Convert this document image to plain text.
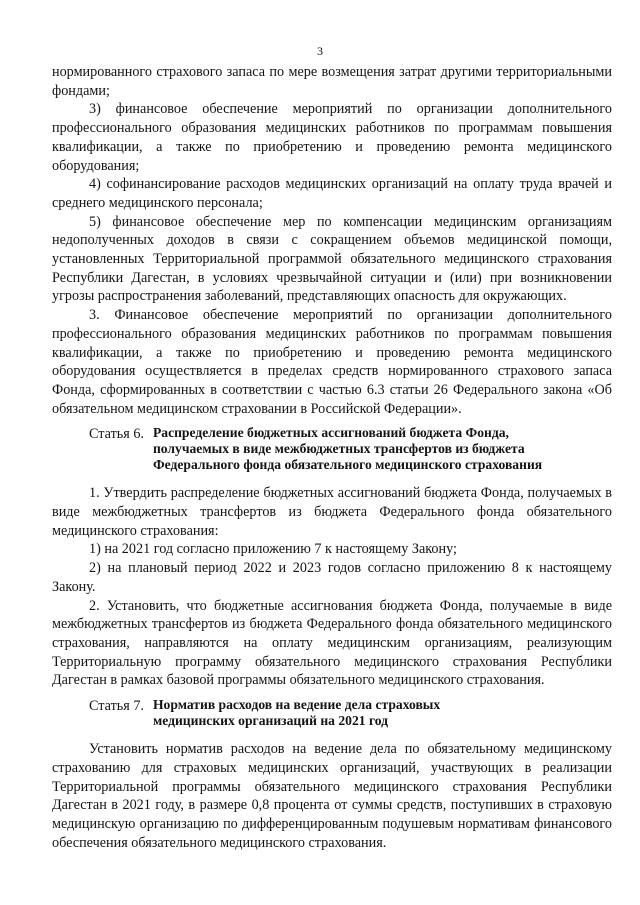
3

нормированного страхового запаса по мере возмещения затрат другими территориальными фондами;

3) финансовое обеспечение мероприятий по организации дополнительного профессионального образования медицинских работников по программам повышения квалификации, а также по приобретению и проведению ремонта медицинского оборудования;

4) софинансирование расходов медицинских организаций на оплату труда врачей и среднего медицинского персонала;

5) финансовое обеспечение мер по компенсации медицинским организациям недополученных доходов в связи с сокращением объемов медицинской помощи, установленных Территориальной программой обязательного медицинского страхования Республики Дагестан, в условиях чрезвычайной ситуации и (или) при возникновении угрозы распространения заболеваний, представляющих опасность для окружающих.

3. Финансовое обеспечение мероприятий по организации дополнительного профессионального образования медицинских работников по программам повышения квалификации, а также по приобретению и проведению ремонта медицинского оборудования осуществляется в пределах средств нормированного страхового запаса Фонда, сформированных в соответствии с частью 6.3 статьи 26 Федерального закона «Об обязательном медицинском страховании в Российской Федерации».

Статья 6. Распределение бюджетных ассигнований бюджета Фонда,
получаемых в виде межбюджетных трансфертов из бюджета
Федерального фонда обязательного медицинского страхования

1. Утвердить распределение бюджетных ассигнований бюджета Фонда, получаемых в виде межбюджетных трансфертов из бюджета Федерального фонда обязательного медицинского страхования:

1) на 2021 год согласно приложению 7 к настоящему Закону;

2) на плановый период 2022 и 2023 годов согласно приложению 8 к настоящему Закону.

2. Установить, что бюджетные ассигнования бюджета Фонда, получаемые в виде межбюджетных трансфертов из бюджета Федерального фонда обязательного медицинского страхования, направляются на оплату медицинским организациям, реализующим Территориальную программу обязательного медицинского страхования Республики Дагестан в рамках базовой программы обязательного медицинского страхования.

Статья 7. Норматив расходов на ведение дела страховых
медицинских организаций на 2021 год

Установить норматив расходов на ведение дела по обязательному медицинскому страхованию для страховых медицинских организаций, участвующих в реализации Территориальной программы обязательного медицинского страхования Республики Дагестан в 2021 году, в размере 0,8 процента от суммы средств, поступивших в страховую медицинскую организацию по дифференцированным подушевым нормативам финансового обеспечения обязательного медицинского страхования.
